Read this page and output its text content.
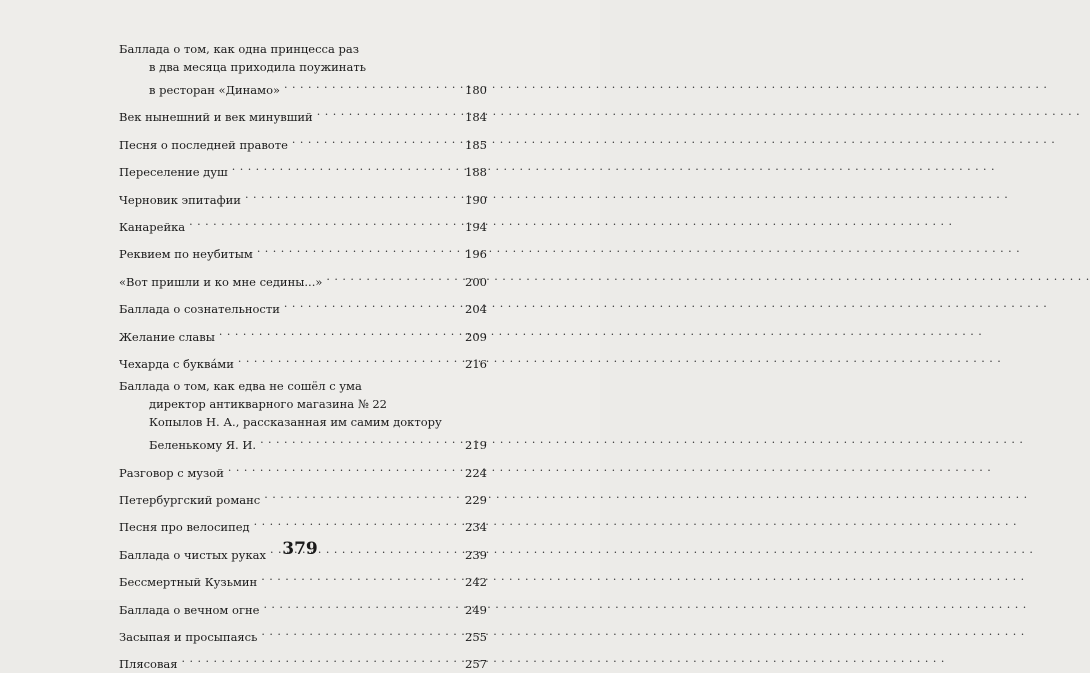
Баллада о том, как одна принцесса раз
в два месяца приходила поужинать
в ресторан «Динамо» . . .	180
Век нынешний и век минувший . . .	184
Песня о последней правоте . . .	185
Переселение душ . . .	188
Черновик эпитафии . . .	190
Канарейка . . .	194
Реквием по неубитым . . .	196
«Вот пришли и ко мне седины...» . . .	200
Баллада о сознательности . . .	204
Желание славы . . .	209
Чехарда с буквáми . . .	216
Баллада о том, как едва не сошёл с ума
директор антикварного магазина № 22
Копылов Н. А., рассказанная им самим доктору
Беленькому Я. И. . . .	219
Разговор с музой . . .	224
Петербургский романс . . .	229
Песня про велосипед . . .	234
Баллада о чистых руках . . .	239
Бессмертный Кузьмин . . .	242
Баллада о вечном огне . . .	249
Засыпая и просыпаясь . . .	255
Плясовая . . .	257
379
